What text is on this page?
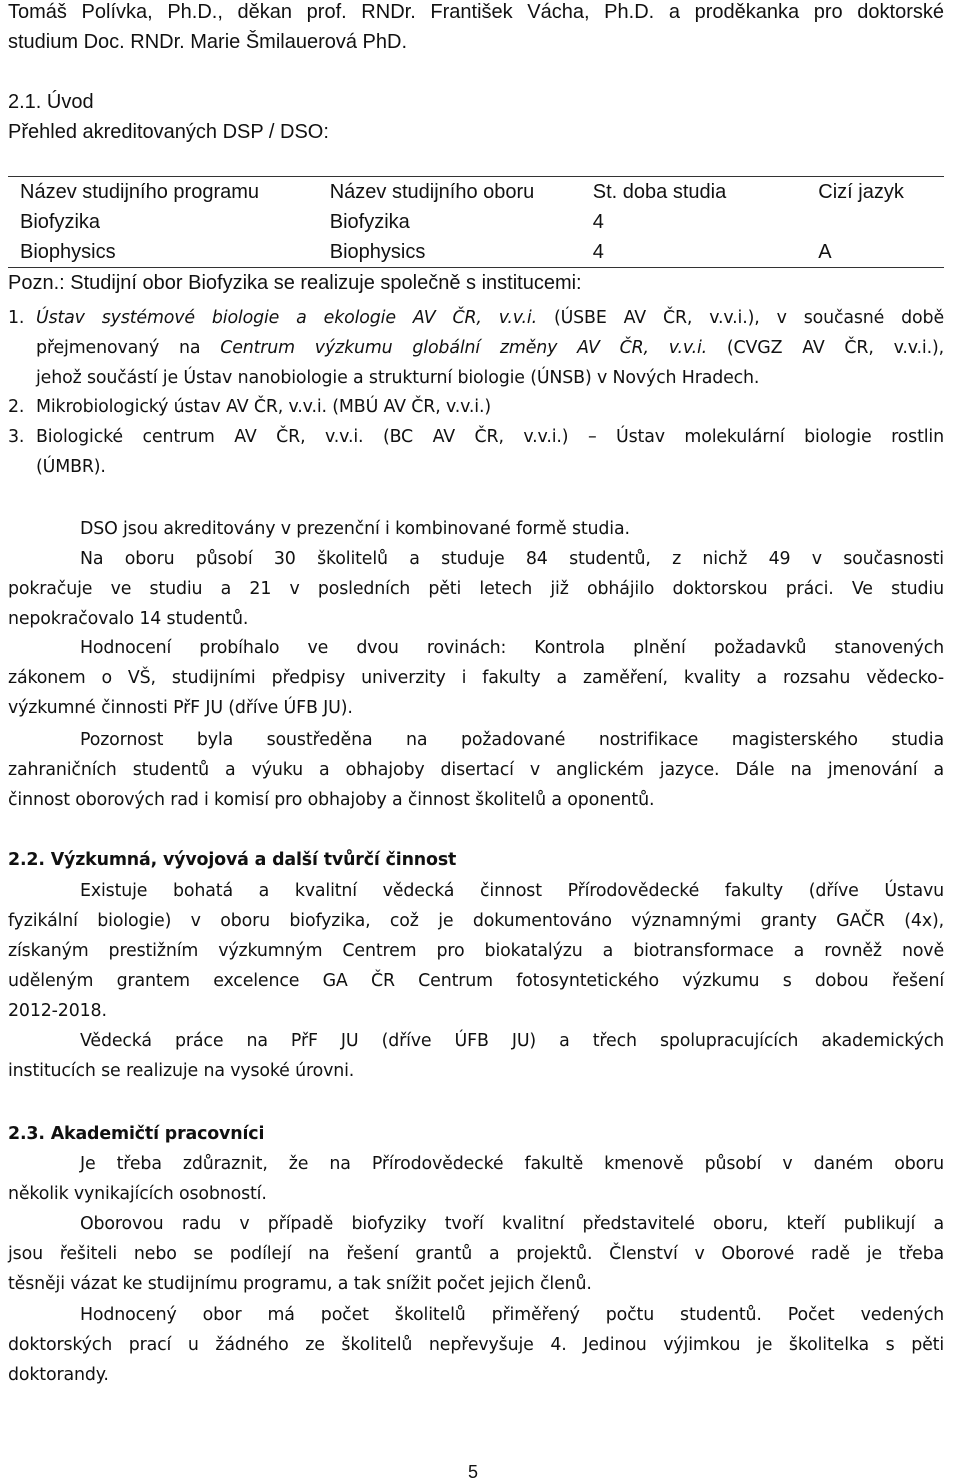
Tomáš Polívka, Ph.D., děkan prof. RNDr. František Vácha, Ph.D. a proděkanka pro doktorské
studium Doc. RNDr. Marie Šmilauerová PhD.
2.1. Úvod
Přehled akreditovaných DSP / DSO:
Název studijního programu	Název studijního oboru	St. doba studia	Cizí jazyk
Biofyzika	Biofyzika	4	
Biophysics	Biophysics	4	A
Pozn.: Studijní obor Biofyzika se realizuje společně s institucemi:
1. Ústav systémové biologie a ekologie AV ČR, v.v.i. (ÚSBE AV ČR, v.v.i.), v současné době
přejmenovaný na Centrum výzkumu globální změny AV ČR, v.v.i. (CVGZ AV ČR, v.v.i.),
jehož součástí je Ústav nanobiologie a strukturní biologie (ÚNSB) v Nových Hradech.
2. Mikrobiologický ústav AV ČR, v.v.i. (MBÚ AV ČR, v.v.i.)
3. Biologické centrum AV ČR, v.v.i. (BC AV ČR, v.v.i.) – Ústav molekulární biologie rostlin
(ÚMBR).
DSO jsou akreditovány v prezenční i kombinované formě studia.
Na oboru působí 30 školitelů a studuje 84 studentů, z nichž 49 v současnosti
pokračuje ve studiu a 21 v posledních pěti letech již obhájilo doktorskou práci. Ve studiu
nepokračovalo 14 studentů.
Hodnocení probíhalo ve dvou rovinách: Kontrola plnění požadavků stanovených
zákonem o VŠ, studijními předpisy univerzity i fakulty a zaměření, kvality a rozsahu vědecko-
výzkumné činnosti PřF JU (dříve ÚFB JU).
Pozornost byla soustředěna na požadované nostrifikace magisterského studia
zahraničních studentů a výuku a obhajoby disertací v anglickém jazyce. Dále na jmenování a
činnost oborových rad i komisí pro obhajoby a činnost školitelů a oponentů.
2.2. Výzkumná, vývojová a další tvůrčí činnost
Existuje bohatá a kvalitní vědecká činnost Přírodovědecké fakulty (dříve Ústavu
fyzikální biologie) v oboru biofyzika, což je dokumentováno významnými granty GAČR (4x),
získaným prestižním výzkumným Centrem pro biokatalýzu a biotransformace a rovněž nově
uděleným grantem excelence GA ČR Centrum fotosyntetického výzkumu s dobou řešení
2012-2018.
Vědecká práce na PřF JU (dříve ÚFB JU) a třech spolupracujících akademických
institucích se realizuje na vysoké úrovni.
2.3. Akademičtí pracovníci
Je třeba zdůraznit, že na Přírodovědecké fakultě kmenově působí v daném oboru
několik vynikajících osobností.
Oborovou radu v případě biofyziky tvoří kvalitní představitelé oboru, kteří publikují a
jsou řešiteli nebo se podílejí na řešení grantů a projektů. Členství v Oborové radě je třeba
těsněji vázat ke studijnímu programu, a tak snížit počet jejich členů.
Hodnocený obor má počet školitelů přiměřený počtu studentů. Počet vedených
doktorských prací u žádného ze školitelů nepřevyšuje 4. Jedinou výjimkou je školitelka s pěti
doktorandy.
5
